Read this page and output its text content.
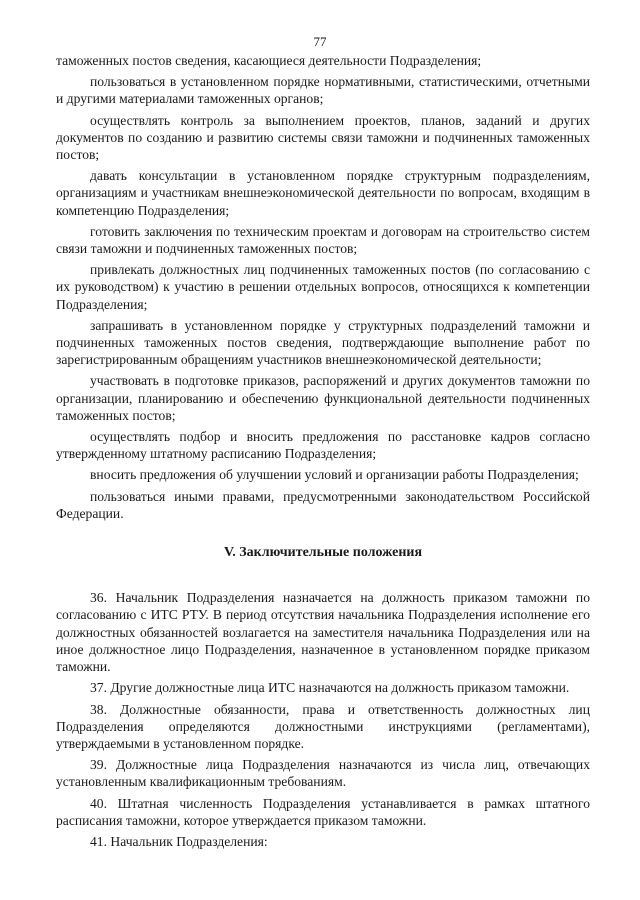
77

таможенных постов сведения, касающиеся деятельности Подразделения;

пользоваться в установленном порядке нормативными, статистическими, отчетными и другими материалами таможенных органов;

осуществлять контроль за выполнением проектов, планов, заданий и других документов по созданию и развитию системы связи таможни и подчиненных таможенных постов;

давать консультации в установленном порядке структурным подразделениям, организациям и участникам внешнеэкономической деятельности по вопросам, входящим в компетенцию Подразделения;

готовить заключения по техническим проектам и договорам на строительство систем связи таможни и подчиненных таможенных постов;

привлекать должностных лиц подчиненных таможенных постов (по согласованию с их руководством) к участию в решении отдельных вопросов, относящихся к компетенции Подразделения;

запрашивать в установленном порядке у структурных подразделений таможни и подчиненных таможенных постов сведения, подтверждающие выполнение работ по зарегистрированным обращениям участников внешнеэкономической деятельности;

участвовать в подготовке приказов, распоряжений и других документов таможни по организации, планированию и обеспечению функциональной деятельности подчиненных таможенных постов;

осуществлять подбор и вносить предложения по расстановке кадров согласно утвержденному штатному расписанию Подразделения;

вносить предложения об улучшении условий и организации работы Подразделения;

пользоваться иными правами, предусмотренными законодательством Российской Федерации.

V. Заключительные положения

36. Начальник Подразделения назначается на должность приказом таможни по согласованию с ИТС РТУ. В период отсутствия начальника Подразделения исполнение его должностных обязанностей возлагается на заместителя начальника Подразделения или на иное должностное лицо Подразделения, назначенное в установленном порядке приказом таможни.

37. Другие должностные лица ИТС назначаются на должность приказом таможни.

38. Должностные обязанности, права и ответственность должностных лиц Подразделения определяются должностными инструкциями (регламентами), утверждаемыми в установленном порядке.

39. Должностные лица Подразделения назначаются из числа лиц, отвечающих установленным квалификационным требованиям.

40. Штатная численность Подразделения устанавливается в рамках штатного расписания таможни, которое утверждается приказом таможни.

41. Начальник Подразделения:
